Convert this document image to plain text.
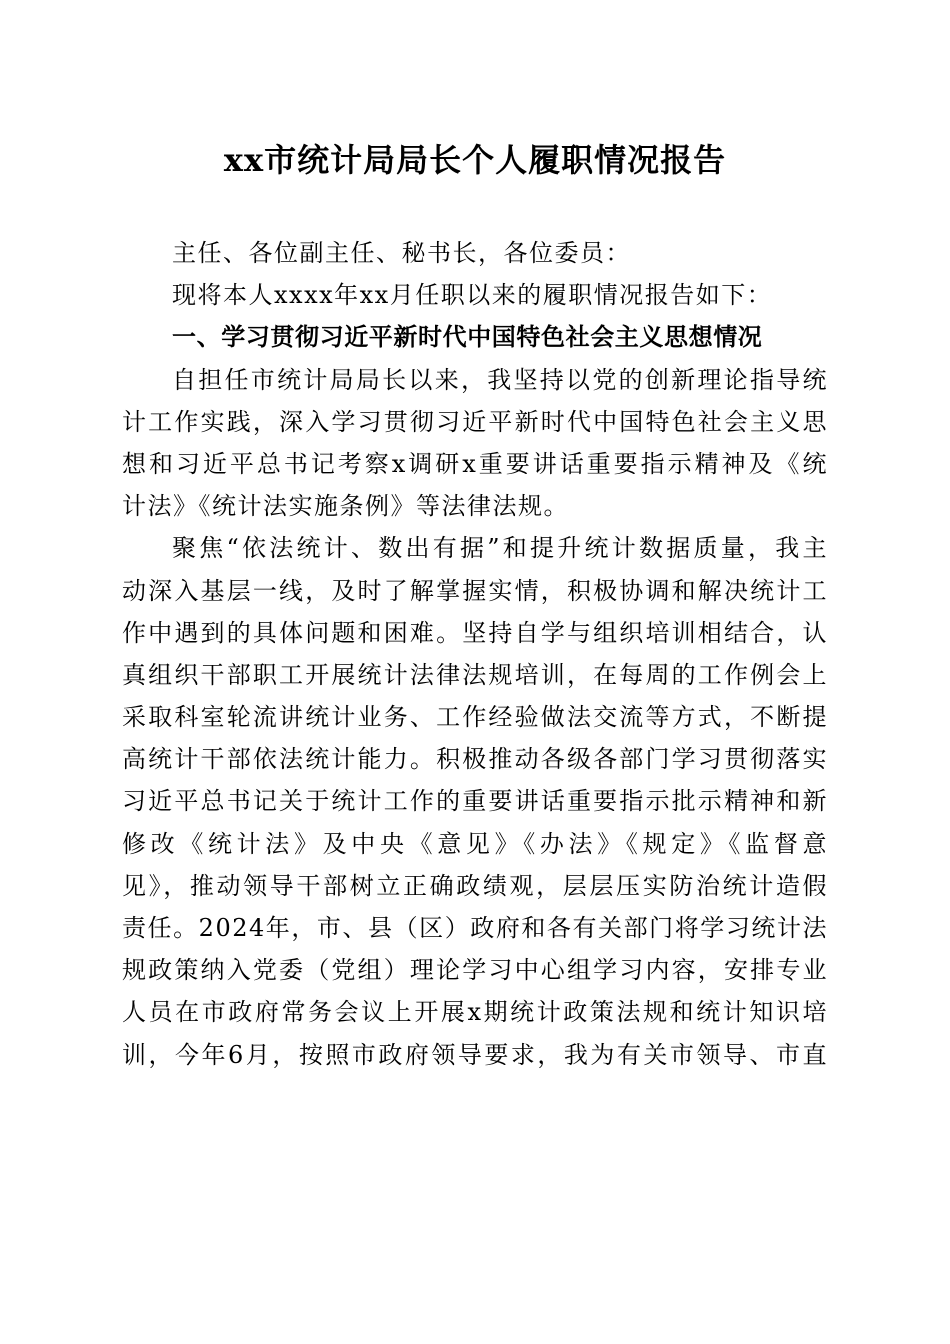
xx市统计局局长个人履职情况报告
主任、各位副主任、秘书长，各位委员：
现将本人xxxx年xx月任职以来的履职情况报告如下：
一、学习贯彻习近平新时代中国特色社会主义思想情况
自担任市统计局局长以来，我坚持以党的创新理论指导统
计工作实践，深入学习贯彻习近平新时代中国特色社会主义思
想和习近平总书记考察x调研x重要讲话重要指示精神及《统
计法》《统计法实施条例》等法律法规。
聚焦“依法统计、数出有据”和提升统计数据质量，我主
动深入基层一线，及时了解掌握实情，积极协调和解决统计工
作中遇到的具体问题和困难。坚持自学与组织培训相结合，认
真组织干部职工开展统计法律法规培训，在每周的工作例会上
采取科室轮流讲统计业务、工作经验做法交流等方式，不断提
高统计干部依法统计能力。积极推动各级各部门学习贯彻落实
习近平总书记关于统计工作的重要讲话重要指示批示精神和新
修改《统计法》及中央《意见》《办法》《规定》《监督意
见》，推动领导干部树立正确政绩观，层层压实防治统计造假
责任。2024年，市、县（区）政府和各有关部门将学习统计法
规政策纳入党委（党组）理论学习中心组学习内容，安排专业
人员在市政府常务会议上开展x期统计政策法规和统计知识培
训，今年6月，按照市政府领导要求，我为有关市领导、市直
